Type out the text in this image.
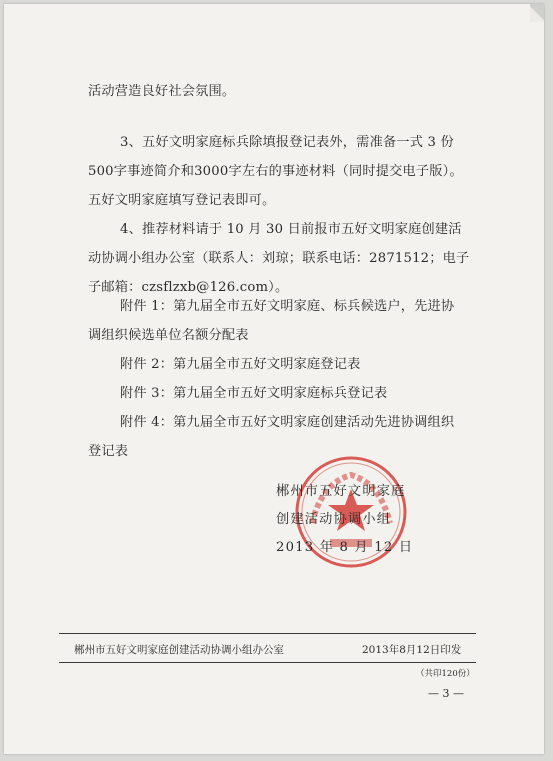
活动营造良好社会氛围。
3、五好文明家庭标兵除填报登记表外，需准备一式 3 份
500字事迹简介和3000字左右的事迹材料（同时提交电子版）。
五好文明家庭填写登记表即可。
4、推荐材料请于 10 月 30 日前报市五好文明家庭创建活
动协调小组办公室（联系人：刘琼；联系电话：2871512；电子
子邮箱：czsflzxb@126.com）。
附件 1：第九届全市五好文明家庭、标兵候选户，先进协
调组织候选单位名额分配表
附件 2：第九届全市五好文明家庭登记表
附件 3：第九届全市五好文明家庭标兵登记表
附件 4：第九届全市五好文明家庭创建活动先进协调组织
登记表
郴州市五好文明家庭
创建活动协调小组
2013 年 8 月 12 日
郴州市五好文明家庭创建活动协调小组办公室	2013年8月12日印发
（共印120份）
— 3 —
